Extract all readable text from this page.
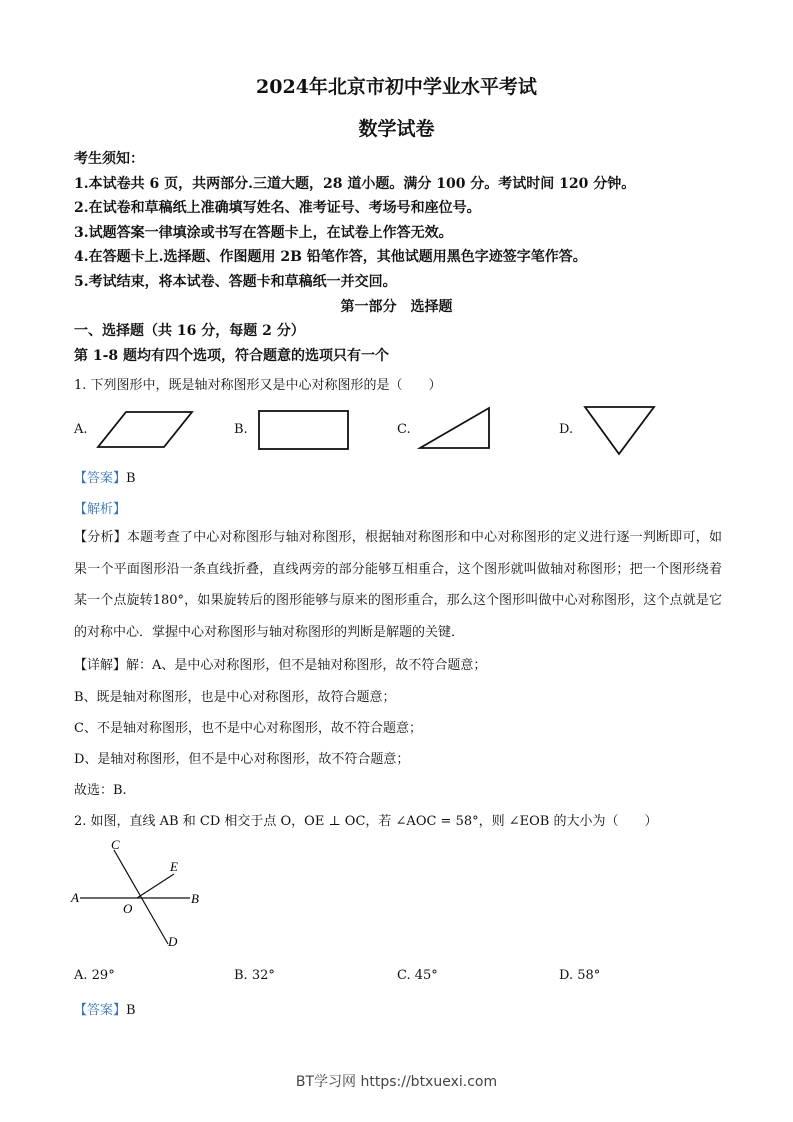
2024年北京市初中学业水平考试
数学试卷
考生须知：
1.本试卷共 6 页，共两部分.三道大题，28 道小题。满分 100 分。考试时间 120 分钟。
2.在试卷和草稿纸上准确填写姓名、准考证号、考场号和座位号。
3.试题答案一律填涂或书写在答题卡上，在试卷上作答无效。
4.在答题卡上.选择题、作图题用 2B 铅笔作答，其他试题用黑色字迹签字笔作答。
5.考试结束，将本试卷、答题卡和草稿纸一并交回。
第一部分　选择题
一、选择题（共 16 分，每题 2 分）
第 1-8 题均有四个选项，符合题意的选项只有一个
1. 下列图形中，既是轴对称图形又是中心对称图形的是（　　）
A.	B.	C.	D.
【答案】B
【解析】
【分析】本题考查了中心对称图形与轴对称图形，根据轴对称图形和中心对称图形的定义进行逐一判断即可，如果一个平面图形沿一条直线折叠，直线两旁的部分能够互相重合，这个图形就叫做轴对称图形；把一个图形绕着某一个点旋转180°，如果旋转后的图形能够与原来的图形重合，那么这个图形叫做中心对称图形，这个点就是它的对称中心．掌握中心对称图形与轴对称图形的判断是解题的关键．
【详解】解：A、是中心对称图形，但不是轴对称图形，故不符合题意；
B、既是轴对称图形，也是中心对称图形，故符合题意；
C、不是轴对称图形，也不是中心对称图形，故不符合题意；
D、是轴对称图形，但不是中心对称图形，故不符合题意；
故选：B.
2. 如图，直线 AB 和 CD 相交于点 O，OE ⊥ OC，若 ∠AOC = 58°，则 ∠EOB 的大小为（　　）
C
E
A
O
B
D
A. 29°	B. 32°	C. 45°	D. 58°
【答案】B
BT学习网 https://btxuexi.com
